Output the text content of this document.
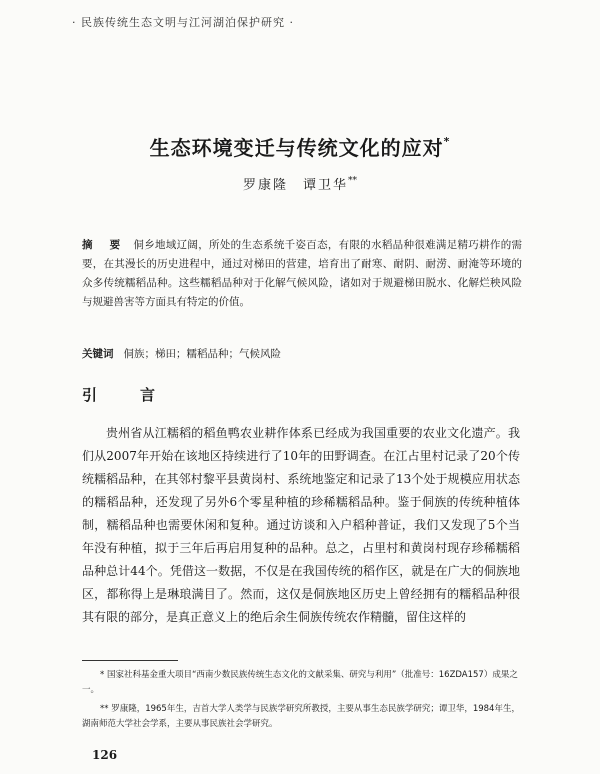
· 民族传统生态文明与江河湖泊保护研究 ·
生态环境变迁与传统文化的应对*
罗康隆　谭卫华**
摘　要 侗乡地域辽阔，所处的生态系统千姿百态，有限的水稻品种很难满足精巧耕作的需要，在其漫长的历史进程中，通过对梯田的营建，培育出了耐寒、耐阴、耐涝、耐淹等环境的众多传统糯稻品种。这些糯稻品种对于化解气候风险，诸如对于规避梯田脱水、化解烂秧风险与规避兽害等方面具有特定的价值。
关键词 侗族；梯田；糯稻品种；气候风险
引　言
贵州省从江糯稻的稻鱼鸭农业耕作体系已经成为我国重要的农业文化遗产。我们从2007年开始在该地区持续进行了10年的田野调查。在江占里村记录了20个传统糯稻品种，在其邻村黎平县黄岗村、系统地鉴定和记录了13个处于规模应用状态的糯稻品种，还发现了另外6个零星种植的珍稀糯稻品种。鉴于侗族的传统种植体制，糯稻品种也需要休闲和复种。通过访谈和入户稻种普证，我们又发现了5个当年没有种植，拟于三年后再启用复种的品种。总之，占里村和黄岗村现存珍稀糯稻品种总计44个。凭借这一数据，不仅是在我国传统的稻作区，就是在广大的侗族地区，都称得上是琳琅满目了。然而，这仅是侗族地区历史上曾经拥有的糯稻品种很其有限的部分，是真正意义上的绝后余生侗族传统农作精髓，留住这样的

* 国家社科基金重大项目“西南少数民族传统生态文化的文献采集、研究与利用”（批准号：16ZDA157）成果之一。

** 罗康隆，1965年生，吉首大学人类学与民族学研究所教授，主要从事生态民族学研究；谭卫华，1984年生，湖南师范大学社会学系，主要从事民族社会学研究。

126
